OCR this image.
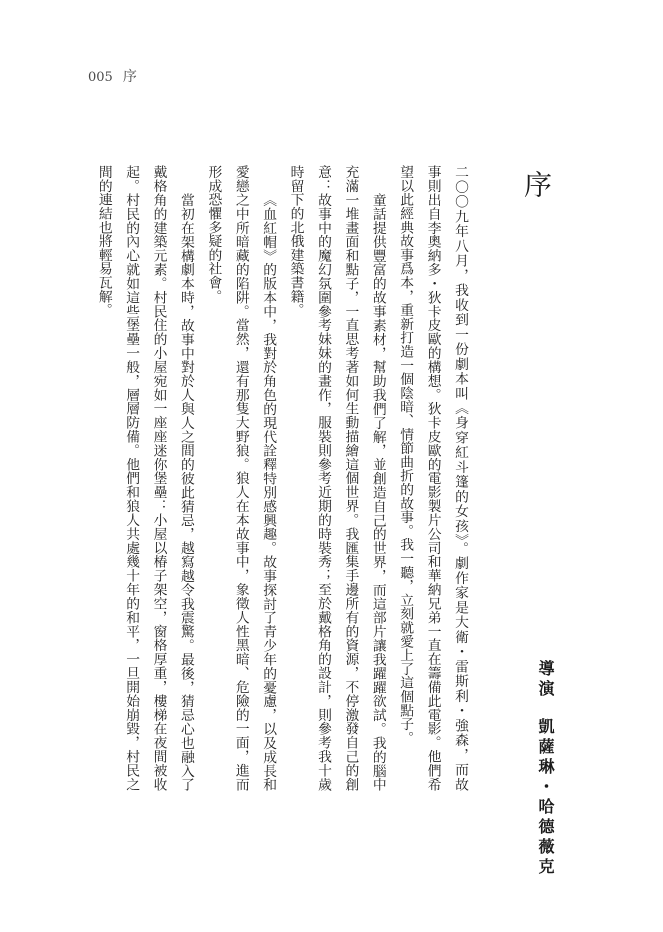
005 序
序

二〇〇九年八月，我收到一份劇本叫《身穿紅斗篷的女孩》。劇作家是大衛・雷斯利・強森，而故
事則出自李奧納多・狄卡皮歐的構想。狄卡皮歐的電影製片公司和華納兄弟一直在籌備此電影。他們希
望以此經典故事爲本，重新打造一個陰暗、情節曲折的故事。我一聽，立刻就愛上了這個點子。

童話提供豐富的故事素材，幫助我們了解，並創造自己的世界，而這部片讓我躍躍欲試。我的腦中
充滿一堆畫面和點子，一直思考著如何生動描繪這個世界。我匯集手邊所有的資源，不停激發自己的創
意：故事中的魔幻氛圍參考妹妹的畫作，服裝則參考近期的時裝秀；至於戴格角的設計，則參考我十歲
時留下的北俄建築書籍。

《血紅帽》的版本中，我對於角色的現代詮釋特別感興趣。故事探討了青少年的憂慮，以及成長和
愛戀之中所暗藏的陷阱。當然，還有那隻大野狼。狼人在本故事中，象徵人性黑暗、危險的一面，進而
形成恐懼多疑的社會。

當初在架構劇本時，故事中對於人與人之間的彼此猜忌，越寫越令我震驚。最後，猜忌心也融入了
戴格角的建築元素。村民住的小屋宛如一座座迷你堡壘：小屋以椿子架空，窗格厚重，樓梯在夜間被收
起。村民的內心就如這些堡壘一般，層層防備。他們和狼人共處幾十年的和平，一旦開始崩毀，村民之
間的連結也將輕易瓦解。

導演凱薩琳・哈德薇克
